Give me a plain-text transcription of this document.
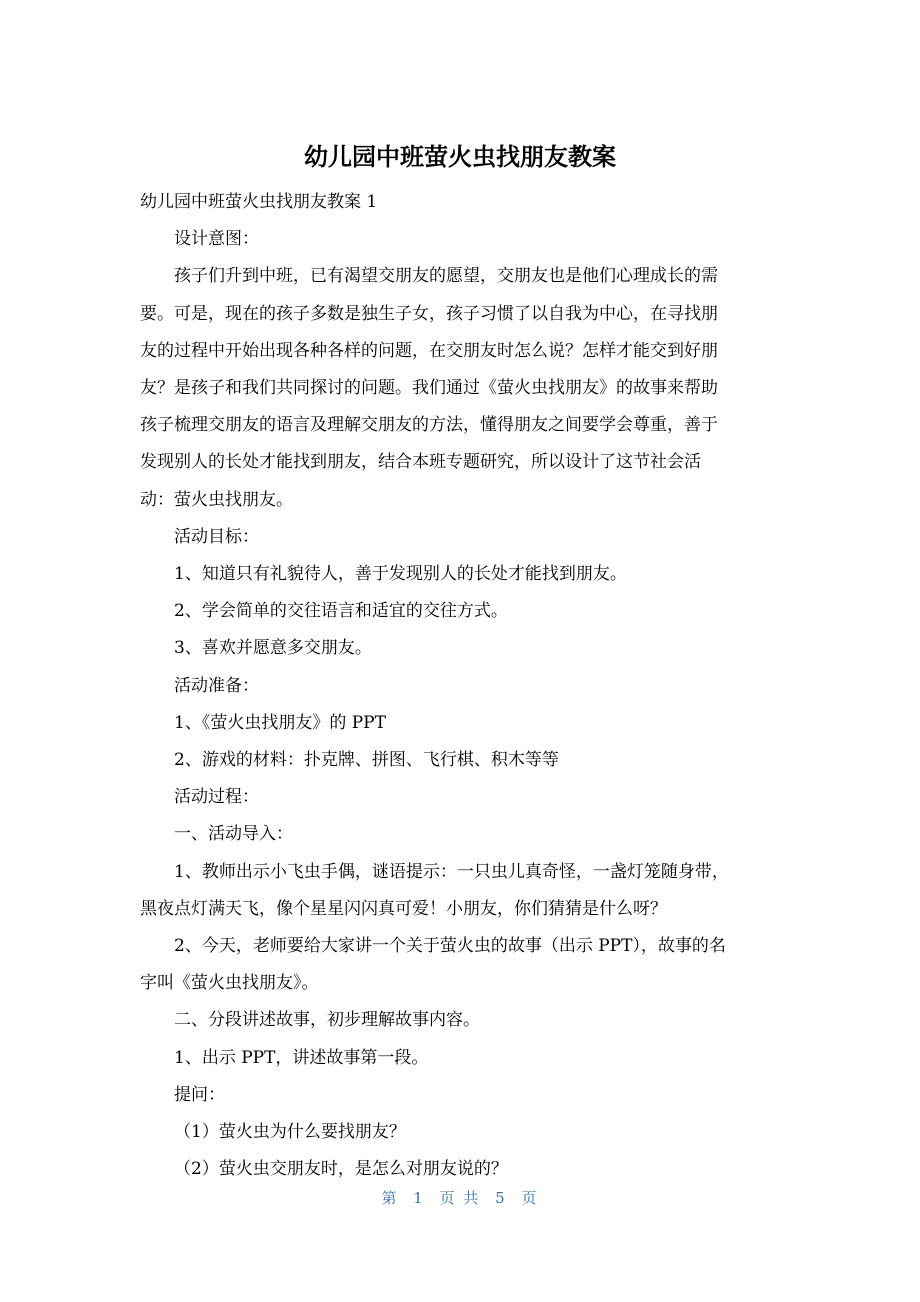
幼儿园中班萤火虫找朋友教案

幼儿园中班萤火虫找朋友教案 1

设计意图：

孩子们升到中班，已有渴望交朋友的愿望，交朋友也是他们心理成长的需

要。可是，现在的孩子多数是独生子女，孩子习惯了以自我为中心，在寻找朋

友的过程中开始出现各种各样的问题，在交朋友时怎么说？怎样才能交到好朋

友？是孩子和我们共同探讨的问题。我们通过《萤火虫找朋友》的故事来帮助

孩子梳理交朋友的语言及理解交朋友的方法，懂得朋友之间要学会尊重，善于

发现别人的长处才能找到朋友，结合本班专题研究，所以设计了这节社会活

动：萤火虫找朋友。

活动目标：

1、知道只有礼貌待人，善于发现别人的长处才能找到朋友。

2、学会简单的交往语言和适宜的交往方式。

3、喜欢并愿意多交朋友。

活动准备：

1、《萤火虫找朋友》的 PPT

2、游戏的材料：扑克牌、拼图、飞行棋、积木等等

活动过程：

一、活动导入：

1、教师出示小飞虫手偶，谜语提示：一只虫儿真奇怪，一盏灯笼随身带，

黑夜点灯满天飞，像个星星闪闪真可爱！小朋友，你们猜猜是什么呀？

2、今天，老师要给大家讲一个关于萤火虫的故事（出示 PPT），故事的名

字叫《萤火虫找朋友》。

二、分段讲述故事，初步理解故事内容。

1、出示 PPT，讲述故事第一段。

提问：

（1）萤火虫为什么要找朋友？

（2）萤火虫交朋友时，是怎么对朋友说的？

第 1 页 共 5 页
